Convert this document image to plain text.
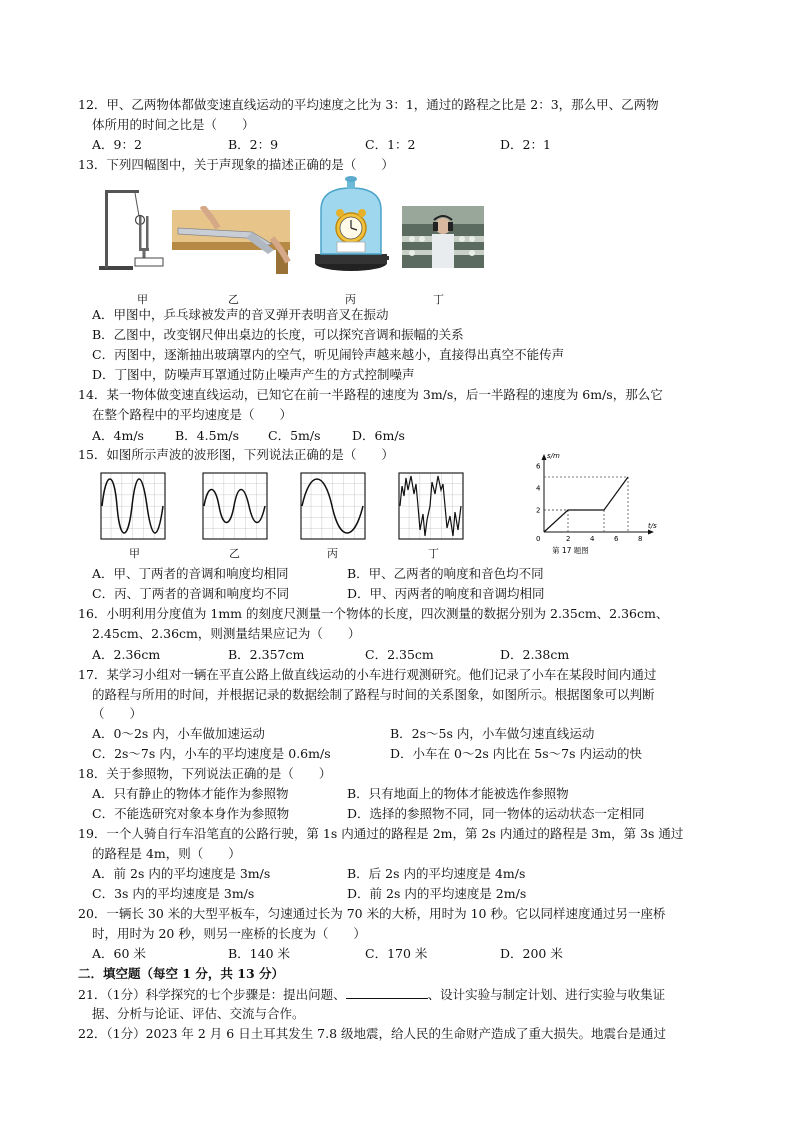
12．甲、乙两物体都做变速直线运动的平均速度之比为 3：1，通过的路程之比是 2：3，那么甲、乙两物
体所用的时间之比是（　　）
A．9：2	B．2：9	C．1：2	D．2：1
13．下列四幅图中，关于声现象的描述正确的是（　　）
甲	乙	丙	丁
A．甲图中，乒乓球被发声的音叉弹开表明音叉在振动
B．乙图中，改变钢尺伸出桌边的长度，可以探究音调和振幅的关系
C．丙图中，逐渐抽出玻璃罩内的空气，听见闹铃声越来越小，直接得出真空不能传声
D．丁图中，防噪声耳罩通过防止噪声产生的方式控制噪声
14．某一物体做变速直线运动，已知它在前一半路程的速度为 3m/s，后一半路程的速度为 6m/s，那么它
在整个路程中的平均速度是（　　）
A．4m/s B．4.5m/s C．5m/s	D．6m/s
15．如图所示声波的波形图，下列说法正确的是（　　）
甲	乙	丙	丁
2	4	6	8
2
4
6
s/m
t/s
0
第 17 题图
A．甲、丁两者的音调和响度均相同	B．甲、乙两者的响度和音色均不同
C．丙、丁两者的音调和响度均不同	D．甲、丙两者的响度和音调均相同
16．小明利用分度值为 1mm 的刻度尺测量一个物体的长度，四次测量的数据分别为 2.35cm、2.36cm、
2.45cm、2.36cm，则测量结果应记为（　　）
A．2.36cm	B．2.357cm	C．2.35cm	D．2.38cm
17．某学习小组对一辆在平直公路上做直线运动的小车进行观测研究。他们记录了小车在某段时间内通过
的路程与所用的时间，并根据记录的数据绘制了路程与时间的关系图象，如图所示。根据图象可以判断
（　　）
A．0～2s 内，小车做加速运动	B．2s～5s 内，小车做匀速直线运动
C．2s～7s 内，小车的平均速度是 0.6m/s	D．小车在 0～2s 内比在 5s～7s 内运动的快
18．关于参照物，下列说法正确的是（　　）
A．只有静止的物体才能作为参照物	B．只有地面上的物体才能被选作参照物
C．不能选研究对象本身作为参照物	D．选择的参照物不同，同一物体的运动状态一定相同
19．一个人骑自行车沿笔直的公路行驶，第 1s 内通过的路程是 2m，第 2s 内通过的路程是 3m，第 3s 通过
的路程是 4m，则（　　）
A．前 2s 内的平均速度是 3m/s	B．后 2s 内的平均速度是 4m/s
C．3s 内的平均速度是 3m/s	D．前 2s 内的平均速度是 2m/s
20．一辆长 30 米的大型平板车，匀速通过长为 70 米的大桥，用时为 10 秒。它以同样速度通过另一座桥
时，用时为 20 秒，则另一座桥的长度为（　　）
A．60 米	B．140 米	C．170 米	D．200 米
二．填空题（每空 1 分，共 13 分）
21．（1分）科学探究的七个步骤是：提出问题、	、设计实验与制定计划、进行实验与收集证
据、分析与论证、评估、交流与合作。
22．（1分）2023 年 2 月 6 日土耳其发生 7.8 级地震，给人民的生命财产造成了重大损失。地震台是通过
